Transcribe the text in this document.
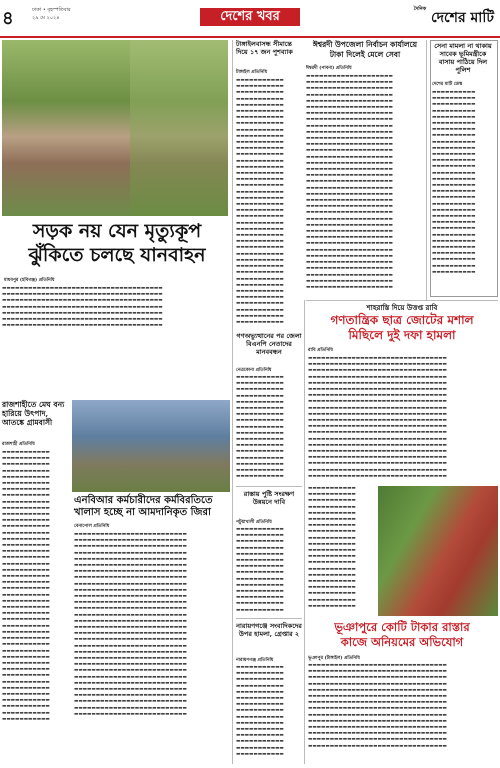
৪	ঢাকা • বৃহস্পতিবার
২৯ মে ২০২৪	দেশের খবর	$^{দৈনিক}$ দেশের মাটি
সড়ক নয় যেন মৃত্যুকূপ
ঝুঁকিতে চলছে যানবাহন
মাধবপুর (হবিগঞ্জ) প্রতিনিধি

▬▬▬▬▬▬▬▬▬▬▬▬▬▬▬▬▬▬▬▬▬▬▬▬▬▬▬▬▬▬▬▬▬▬▬▬▬ ▬▬▬▬▬▬▬▬▬▬▬▬▬▬▬▬▬▬▬▬▬▬▬▬▬▬▬▬▬▬▬▬▬▬▬▬▬ ▬▬▬▬▬▬▬▬▬▬▬▬▬▬▬▬▬▬▬▬▬▬▬▬▬▬▬▬▬▬▬▬▬▬▬▬▬ ▬▬▬▬▬▬▬▬▬▬▬▬▬▬▬▬▬▬▬▬▬▬▬▬▬▬▬▬▬▬▬▬▬▬▬▬▬ ▬▬▬▬▬▬▬▬▬▬▬▬▬▬▬▬▬▬▬▬▬▬▬▬▬▬▬▬▬▬▬▬▬▬▬▬▬ ▬▬▬▬▬▬▬▬▬▬▬▬▬▬▬▬▬▬▬▬▬▬▬▬▬▬▬▬▬▬▬▬▬▬▬▬▬ ▬▬▬▬▬▬▬▬▬▬▬▬▬▬▬▬▬▬▬▬▬▬▬▬▬▬▬▬▬▬▬▬▬▬▬▬▬

রাজশাহীতে মেঘ বন্য হারিয়ে উৎপাদ, আতঙ্কে গ্রামবাসী
রাজশাহী প্রতিনিধি

▬▬▬▬▬▬▬▬▬▬▬ ▬▬▬▬▬▬▬▬▬▬▬ ▬▬▬▬▬▬▬▬▬▬▬ ▬▬▬▬▬▬▬▬▬▬▬ ▬▬▬▬▬▬▬▬▬▬▬ ▬▬▬▬▬▬▬▬▬▬▬ ▬▬▬▬▬▬▬▬▬▬▬ ▬▬▬▬▬▬▬▬▬▬▬ ▬▬▬▬▬▬▬▬▬▬▬ ▬▬▬▬▬▬▬▬▬▬▬ ▬▬▬▬▬▬▬▬▬▬▬ ▬▬▬▬▬▬▬▬▬▬▬ ▬▬▬▬▬▬▬▬▬▬▬ ▬▬▬▬▬▬▬▬▬▬▬ ▬▬▬▬▬▬▬▬▬▬▬ ▬▬▬▬▬▬▬▬▬▬▬ ▬▬▬▬▬▬▬▬▬▬▬ ▬▬▬▬▬▬▬▬▬▬▬ ▬▬▬▬▬▬▬▬▬▬▬ ▬▬▬▬▬▬▬▬▬▬▬ ▬▬▬▬▬▬▬▬▬▬▬ ▬▬▬▬▬▬▬▬▬▬▬ ▬▬▬▬▬▬▬▬▬▬▬ ▬▬▬▬▬▬▬▬▬▬▬ ▬▬▬▬▬▬▬▬▬▬▬ ▬▬▬▬▬▬▬▬▬▬▬ ▬▬▬▬▬▬▬▬▬▬▬ ▬▬▬▬▬▬▬▬▬▬▬ ▬▬▬▬▬▬▬▬▬▬▬ ▬▬▬▬▬▬▬▬▬▬▬ ▬▬▬▬▬▬▬▬▬▬▬ ▬▬▬▬▬▬▬▬▬▬▬ ▬▬▬▬▬▬▬▬▬▬▬ ▬▬▬▬▬▬▬▬▬▬▬ ▬▬▬▬▬▬▬▬▬▬▬ ▬▬▬▬▬▬▬▬▬▬▬ ▬▬▬▬▬▬▬▬▬▬▬ ▬▬▬▬▬▬▬▬▬▬▬ ▬▬▬▬▬▬▬▬▬▬▬ ▬▬▬▬▬▬▬▬▬▬▬ ▬▬▬▬▬▬▬▬▬▬▬ ▬▬▬▬▬▬▬▬▬▬▬ ▬▬▬▬▬▬▬▬▬▬▬ ▬▬▬▬▬▬▬▬▬▬▬

এনবিআর কর্মচারীদের কর্মবিরতিতে খালাস হচ্ছে না আমদানিকৃত জিরা
বেনাপোল প্রতিনিধি

▬▬▬▬▬▬▬▬▬▬▬▬▬▬▬▬▬▬▬▬▬▬▬▬▬▬ ▬▬▬▬▬▬▬▬▬▬▬▬▬▬▬▬▬▬▬▬▬▬▬▬▬▬ ▬▬▬▬▬▬▬▬▬▬▬▬▬▬▬▬▬▬▬▬▬▬▬▬▬▬ ▬▬▬▬▬▬▬▬▬▬▬▬▬▬▬▬▬▬▬▬▬▬▬▬▬▬ ▬▬▬▬▬▬▬▬▬▬▬▬▬▬▬▬▬▬▬▬▬▬▬▬▬▬ ▬▬▬▬▬▬▬▬▬▬▬▬▬▬▬▬▬▬▬▬▬▬▬▬▬▬ ▬▬▬▬▬▬▬▬▬▬▬▬▬▬▬▬▬▬▬▬▬▬▬▬▬▬ ▬▬▬▬▬▬▬▬▬▬▬▬▬▬▬▬▬▬▬▬▬▬▬▬▬▬ ▬▬▬▬▬▬▬▬▬▬▬▬▬▬▬▬▬▬▬▬▬▬▬▬▬▬ ▬▬▬▬▬▬▬▬▬▬▬▬▬▬▬▬▬▬▬▬▬▬▬▬▬▬ ▬▬▬▬▬▬▬▬▬▬▬▬▬▬▬▬▬▬▬▬▬▬▬▬▬▬ ▬▬▬▬▬▬▬▬▬▬▬▬▬▬▬▬▬▬▬▬▬▬▬▬▬▬ ▬▬▬▬▬▬▬▬▬▬▬▬▬▬▬▬▬▬▬▬▬▬▬▬▬▬ ▬▬▬▬▬▬▬▬▬▬▬▬▬▬▬▬▬▬▬▬▬▬▬▬▬▬ ▬▬▬▬▬▬▬▬▬▬▬▬▬▬▬▬▬▬▬▬▬▬▬▬▬▬ ▬▬▬▬▬▬▬▬▬▬▬▬▬▬▬▬▬▬▬▬▬▬▬▬▬▬ ▬▬▬▬▬▬▬▬▬▬▬▬▬▬▬▬▬▬▬▬▬▬▬▬▬▬ ▬▬▬▬▬▬▬▬▬▬▬▬▬▬▬▬▬▬▬▬▬▬▬▬▬▬ ▬▬▬▬▬▬▬▬▬▬▬▬▬▬▬▬▬▬▬▬▬▬▬▬▬▬ ▬▬▬▬▬▬▬▬▬▬▬▬▬▬▬▬▬▬▬▬▬▬▬▬▬▬ ▬▬▬▬▬▬▬▬▬▬▬▬▬▬▬▬▬▬▬▬▬▬▬▬▬▬ ▬▬▬▬▬▬▬▬▬▬▬▬▬▬▬▬▬▬▬▬▬▬▬▬▬▬ ▬▬▬▬▬▬▬▬▬▬▬▬▬▬▬▬▬▬▬▬▬▬▬▬▬▬ ▬▬▬▬▬▬▬▬▬▬▬▬▬▬▬▬▬▬▬▬▬▬▬▬▬▬ ▬▬▬▬▬▬▬▬▬▬▬▬▬▬▬▬▬▬▬▬▬▬▬▬▬▬ ▬▬▬▬▬▬▬▬▬▬▬▬▬▬▬▬▬▬▬▬▬▬▬▬▬▬ ▬▬▬▬▬▬▬▬▬▬▬▬▬▬▬▬▬▬▬▬▬▬▬▬▬▬ ▬▬▬▬▬▬▬▬▬▬▬▬▬▬▬▬▬▬▬▬▬▬▬▬▬▬ ▬▬▬▬▬▬▬▬▬▬▬▬▬▬▬▬▬▬▬▬▬▬▬▬▬▬ ▬▬▬▬▬▬▬▬▬▬▬▬▬▬▬▬▬▬▬▬▬▬▬▬▬▬

টাঙ্গাইলবাসন্ধ সীমান্তে দিয়ে ১৭ জন পুশব্যাক
টাঙ্গাইল প্রতিনিধি

▬▬▬▬▬▬▬▬▬▬▬ ▬▬▬▬▬▬▬▬▬▬▬ ▬▬▬▬▬▬▬▬▬▬▬ ▬▬▬▬▬▬▬▬▬▬▬ ▬▬▬▬▬▬▬▬▬▬▬ ▬▬▬▬▬▬▬▬▬▬▬ ▬▬▬▬▬▬▬▬▬▬▬ ▬▬▬▬▬▬▬▬▬▬▬ ▬▬▬▬▬▬▬▬▬▬▬ ▬▬▬▬▬▬▬▬▬▬▬ ▬▬▬▬▬▬▬▬▬▬▬ ▬▬▬▬▬▬▬▬▬▬▬ ▬▬▬▬▬▬▬▬▬▬▬ ▬▬▬▬▬▬▬▬▬▬▬ ▬▬▬▬▬▬▬▬▬▬▬ ▬▬▬▬▬▬▬▬▬▬▬ ▬▬▬▬▬▬▬▬▬▬▬ ▬▬▬▬▬▬▬▬▬▬▬ ▬▬▬▬▬▬▬▬▬▬▬ ▬▬▬▬▬▬▬▬▬▬▬ ▬▬▬▬▬▬▬▬▬▬▬ ▬▬▬▬▬▬▬▬▬▬▬ ▬▬▬▬▬▬▬▬▬▬▬ ▬▬▬▬▬▬▬▬▬▬▬ ▬▬▬▬▬▬▬▬▬▬▬ ▬▬▬▬▬▬▬▬▬▬▬ ▬▬▬▬▬▬▬▬▬▬▬ ▬▬▬▬▬▬▬▬▬▬▬ ▬▬▬▬▬▬▬▬▬▬▬ ▬▬▬▬▬▬▬▬▬▬▬ ▬▬▬▬▬▬▬▬▬▬▬ ▬▬▬▬▬▬▬▬▬▬▬ ▬▬▬▬▬▬▬▬▬▬▬ ▬▬▬▬▬▬▬▬▬▬▬ ▬▬▬▬▬▬▬▬▬▬▬ ▬▬▬▬▬▬▬▬▬▬▬ ▬▬▬▬▬▬▬▬▬▬▬ ▬▬▬▬▬▬▬▬▬▬▬ ▬▬▬▬▬▬▬▬▬▬▬ ▬▬▬▬▬▬▬▬▬▬▬

ঈশ্বরদী উপজেলা নির্বাচন কার্যালয়ে টাকা দিলেই মেলে সেবা
ঈশ্বরদী (পাবনা) প্রতিনিধি

▬▬▬▬▬▬▬▬▬▬▬▬▬▬▬▬▬▬▬▬ ▬▬▬▬▬▬▬▬▬▬▬▬▬▬▬▬▬▬▬▬ ▬▬▬▬▬▬▬▬▬▬▬▬▬▬▬▬▬▬▬▬ ▬▬▬▬▬▬▬▬▬▬▬▬▬▬▬▬▬▬▬▬ ▬▬▬▬▬▬▬▬▬▬▬▬▬▬▬▬▬▬▬▬ ▬▬▬▬▬▬▬▬▬▬▬▬▬▬▬▬▬▬▬▬ ▬▬▬▬▬▬▬▬▬▬▬▬▬▬▬▬▬▬▬▬ ▬▬▬▬▬▬▬▬▬▬▬▬▬▬▬▬▬▬▬▬ ▬▬▬▬▬▬▬▬▬▬▬▬▬▬▬▬▬▬▬▬ ▬▬▬▬▬▬▬▬▬▬▬▬▬▬▬▬▬▬▬▬ ▬▬▬▬▬▬▬▬▬▬▬▬▬▬▬▬▬▬▬▬ ▬▬▬▬▬▬▬▬▬▬▬▬▬▬▬▬▬▬▬▬ ▬▬▬▬▬▬▬▬▬▬▬▬▬▬▬▬▬▬▬▬ ▬▬▬▬▬▬▬▬▬▬▬▬▬▬▬▬▬▬▬▬ ▬▬▬▬▬▬▬▬▬▬▬▬▬▬▬▬▬▬▬▬ ▬▬▬▬▬▬▬▬▬▬▬▬▬▬▬▬▬▬▬▬ ▬▬▬▬▬▬▬▬▬▬▬▬▬▬▬▬▬▬▬▬ ▬▬▬▬▬▬▬▬▬▬▬▬▬▬▬▬▬▬▬▬ ▬▬▬▬▬▬▬▬▬▬▬▬▬▬▬▬▬▬▬▬ ▬▬▬▬▬▬▬▬▬▬▬▬▬▬▬▬▬▬▬▬ ▬▬▬▬▬▬▬▬▬▬▬▬▬▬▬▬▬▬▬▬ ▬▬▬▬▬▬▬▬▬▬▬▬▬▬▬▬▬▬▬▬ ▬▬▬▬▬▬▬▬▬▬▬▬▬▬▬▬▬▬▬▬ ▬▬▬▬▬▬▬▬▬▬▬▬▬▬▬▬▬▬▬▬ ▬▬▬▬▬▬▬▬▬▬▬▬▬▬▬▬▬▬▬▬ ▬▬▬▬▬▬▬▬▬▬▬▬▬▬▬▬▬▬▬▬ ▬▬▬▬▬▬▬▬▬▬▬▬▬▬▬▬▬▬▬▬ ▬▬▬▬▬▬▬▬▬▬▬▬▬▬▬▬▬▬▬▬ ▬▬▬▬▬▬▬▬▬▬▬▬▬▬▬▬▬▬▬▬ ▬▬▬▬▬▬▬▬▬▬▬▬▬▬▬▬▬▬▬▬ ▬▬▬▬▬▬▬▬▬▬▬▬▬▬▬▬▬▬▬▬ ▬▬▬▬▬▬▬▬▬▬▬▬▬▬▬▬▬▬▬▬ ▬▬▬▬▬▬▬▬▬▬▬▬▬▬▬▬▬▬▬▬ ▬▬▬▬▬▬▬▬▬▬▬▬▬▬▬▬▬▬▬▬ ▬▬▬▬▬▬▬▬▬▬▬▬▬▬▬▬▬▬▬▬

সেনা মামলা না থাকায় সাবেক ভূমিমন্ত্রীকে বাসায় পাঠিয়ে দিল পুলিশ
দেশের মাটি ডেস্ক

▬▬▬▬▬▬▬▬▬▬ ▬▬▬▬▬▬▬▬▬▬ ▬▬▬▬▬▬▬▬▬▬ ▬▬▬▬▬▬▬▬▬▬ ▬▬▬▬▬▬▬▬▬▬ ▬▬▬▬▬▬▬▬▬▬ ▬▬▬▬▬▬▬▬▬▬ ▬▬▬▬▬▬▬▬▬▬ ▬▬▬▬▬▬▬▬▬▬ ▬▬▬▬▬▬▬▬▬▬ ▬▬▬▬▬▬▬▬▬▬ ▬▬▬▬▬▬▬▬▬▬ ▬▬▬▬▬▬▬▬▬▬ ▬▬▬▬▬▬▬▬▬▬ ▬▬▬▬▬▬▬▬▬▬ ▬▬▬▬▬▬▬▬▬▬ ▬▬▬▬▬▬▬▬▬▬ ▬▬▬▬▬▬▬▬▬▬ ▬▬▬▬▬▬▬▬▬▬ ▬▬▬▬▬▬▬▬▬▬ ▬▬▬▬▬▬▬▬▬▬ ▬▬▬▬▬▬▬▬▬▬ ▬▬▬▬▬▬▬▬▬▬ ▬▬▬▬▬▬▬▬▬▬ ▬▬▬▬▬▬▬▬▬▬ ▬▬▬▬▬▬▬▬▬▬ ▬▬▬▬▬▬▬▬▬▬ ▬▬▬▬▬▬▬▬▬▬ ▬▬▬▬▬▬▬▬▬▬ ▬▬▬▬▬▬▬▬▬▬

গণঅভ্যুত্থানের পর জেলা বিএনপি নেতাদের মানববন্ধন
নেত্রকোনা প্রতিনিধি

▬▬▬▬▬▬▬▬▬▬▬ ▬▬▬▬▬▬▬▬▬▬▬ ▬▬▬▬▬▬▬▬▬▬▬ ▬▬▬▬▬▬▬▬▬▬▬ ▬▬▬▬▬▬▬▬▬▬▬ ▬▬▬▬▬▬▬▬▬▬▬ ▬▬▬▬▬▬▬▬▬▬▬ ▬▬▬▬▬▬▬▬▬▬▬ ▬▬▬▬▬▬▬▬▬▬▬ ▬▬▬▬▬▬▬▬▬▬▬ ▬▬▬▬▬▬▬▬▬▬▬ ▬▬▬▬▬▬▬▬▬▬▬ ▬▬▬▬▬▬▬▬▬▬▬ ▬▬▬▬▬▬▬▬▬▬▬ ▬▬▬▬▬▬▬▬▬▬▬ ▬▬▬▬▬▬▬▬▬▬▬ ▬▬▬▬▬▬▬▬▬▬▬

রাস্তায় পুষ্টি সংরক্ষণ উন্নয়নে দাবি
পটুয়াখালী প্রতিনিধি

▬▬▬▬▬▬▬▬▬▬▬ ▬▬▬▬▬▬▬▬▬▬▬ ▬▬▬▬▬▬▬▬▬▬▬ ▬▬▬▬▬▬▬▬▬▬▬ ▬▬▬▬▬▬▬▬▬▬▬ ▬▬▬▬▬▬▬▬▬▬▬ ▬▬▬▬▬▬▬▬▬▬▬ ▬▬▬▬▬▬▬▬▬▬▬ ▬▬▬▬▬▬▬▬▬▬▬ ▬▬▬▬▬▬▬▬▬▬▬ ▬▬▬▬▬▬▬▬▬▬▬ ▬▬▬▬▬▬▬▬▬▬▬ ▬▬▬▬▬▬▬▬▬▬▬ ▬▬▬▬▬▬▬▬▬▬▬

নারায়ণগঞ্জে সংবাদিকদের উপর হামলা, গ্রেপ্তার ২
নারায়ণগঞ্জ প্রতিনিধি

▬▬▬▬▬▬▬▬▬▬▬ ▬▬▬▬▬▬▬▬▬▬▬ ▬▬▬▬▬▬▬▬▬▬▬ ▬▬▬▬▬▬▬▬▬▬▬ ▬▬▬▬▬▬▬▬▬▬▬ ▬▬▬▬▬▬▬▬▬▬▬ ▬▬▬▬▬▬▬▬▬▬▬ ▬▬▬▬▬▬▬▬▬▬▬ ▬▬▬▬▬▬▬▬▬▬▬ ▬▬▬▬▬▬▬▬▬▬▬ ▬▬▬▬▬▬▬▬▬▬▬ ▬▬▬▬▬▬▬▬▬▬▬ ▬▬▬▬▬▬▬▬▬▬▬ ▬▬▬▬▬▬▬▬▬▬▬ ▬▬▬▬▬▬▬▬▬▬▬

শাহরাস্তি দিয়ে উত্তপ্ত রাবি
গণতান্ত্রিক ছাত্র জোটের মশাল
মিছিলে দুই দফা হামলা
রাবি প্রতিনিধি

▬▬▬▬▬▬▬▬▬▬▬▬▬▬▬▬▬▬▬▬▬▬▬▬▬▬▬▬▬▬▬▬ ▬▬▬▬▬▬▬▬▬▬▬▬▬▬▬▬▬▬▬▬▬▬▬▬▬▬▬▬▬▬▬▬ ▬▬▬▬▬▬▬▬▬▬▬▬▬▬▬▬▬▬▬▬▬▬▬▬▬▬▬▬▬▬▬▬ ▬▬▬▬▬▬▬▬▬▬▬▬▬▬▬▬▬▬▬▬▬▬▬▬▬▬▬▬▬▬▬▬ ▬▬▬▬▬▬▬▬▬▬▬▬▬▬▬▬▬▬▬▬▬▬▬▬▬▬▬▬▬▬▬▬ ▬▬▬▬▬▬▬▬▬▬▬▬▬▬▬▬▬▬▬▬▬▬▬▬▬▬▬▬▬▬▬▬ ▬▬▬▬▬▬▬▬▬▬▬▬▬▬▬▬▬▬▬▬▬▬▬▬▬▬▬▬▬▬▬▬ ▬▬▬▬▬▬▬▬▬▬▬▬▬▬▬▬▬▬▬▬▬▬▬▬▬▬▬▬▬▬▬▬ ▬▬▬▬▬▬▬▬▬▬▬▬▬▬▬▬▬▬▬▬▬▬▬▬▬▬▬▬▬▬▬▬ ▬▬▬▬▬▬▬▬▬▬▬▬▬▬▬▬▬▬▬▬▬▬▬▬▬▬▬▬▬▬▬▬ ▬▬▬▬▬▬▬▬▬▬▬▬▬▬▬▬▬▬▬▬▬▬▬▬▬▬▬▬▬▬▬▬ ▬▬▬▬▬▬▬▬▬▬▬▬▬▬▬▬▬▬▬▬▬▬▬▬▬▬▬▬▬▬▬▬ ▬▬▬▬▬▬▬▬▬▬▬▬▬▬▬▬▬▬▬▬▬▬▬▬▬▬▬▬▬▬▬▬ ▬▬▬▬▬▬▬▬▬▬▬▬▬▬▬▬▬▬▬▬▬▬▬▬▬▬▬▬▬▬▬▬ ▬▬▬▬▬▬▬▬▬▬▬▬▬▬▬▬▬▬▬▬▬▬▬▬▬▬▬▬▬▬▬▬ ▬▬▬▬▬▬▬▬▬▬▬▬▬▬▬▬▬▬▬▬▬▬▬▬▬▬▬▬▬▬▬▬ ▬▬▬▬▬▬▬▬▬▬▬▬▬▬▬▬▬▬▬▬▬▬▬▬▬▬▬▬▬▬▬▬ ▬▬▬▬▬▬▬▬▬▬▬▬▬▬▬▬▬▬▬▬▬▬▬▬▬▬▬▬▬▬▬▬ ▬▬▬▬▬▬▬▬▬▬▬▬▬▬▬▬▬▬▬▬▬▬▬▬▬▬▬▬▬▬▬▬ ▬▬▬▬▬▬▬▬▬▬▬▬▬▬▬▬▬▬▬▬▬▬▬▬▬▬▬▬▬▬▬▬

▬▬▬▬▬▬▬▬▬▬▬ ▬▬▬▬▬▬▬▬▬▬▬ ▬▬▬▬▬▬▬▬▬▬▬ ▬▬▬▬▬▬▬▬▬▬▬ ▬▬▬▬▬▬▬▬▬▬▬ ▬▬▬▬▬▬▬▬▬▬▬ ▬▬▬▬▬▬▬▬▬▬▬ ▬▬▬▬▬▬▬▬▬▬▬ ▬▬▬▬▬▬▬▬▬▬▬ ▬▬▬▬▬▬▬▬▬▬▬ ▬▬▬▬▬▬▬▬▬▬▬ ▬▬▬▬▬▬▬▬▬▬▬ ▬▬▬▬▬▬▬▬▬▬▬ ▬▬▬▬▬▬▬▬▬▬▬ ▬▬▬▬▬▬▬▬▬▬▬ ▬▬▬▬▬▬▬▬▬▬▬ ▬▬▬▬▬▬▬▬▬▬▬ ▬▬▬▬▬▬▬▬▬▬▬ ▬▬▬▬▬▬▬▬▬▬▬ ▬▬▬▬▬▬▬▬▬▬▬

ভূঞাপুরে কোটি টাকার রাস্তার
কাজে অনিয়মের অভিযোগ
ভূঞাপুর (টাঙ্গাইল) প্রতিনিধি

▬▬▬▬▬▬▬▬▬▬▬▬▬▬▬▬▬▬▬▬▬▬▬▬▬▬▬▬▬▬▬▬ ▬▬▬▬▬▬▬▬▬▬▬▬▬▬▬▬▬▬▬▬▬▬▬▬▬▬▬▬▬▬▬▬ ▬▬▬▬▬▬▬▬▬▬▬▬▬▬▬▬▬▬▬▬▬▬▬▬▬▬▬▬▬▬▬▬ ▬▬▬▬▬▬▬▬▬▬▬▬▬▬▬▬▬▬▬▬▬▬▬▬▬▬▬▬▬▬▬▬ ▬▬▬▬▬▬▬▬▬▬▬▬▬▬▬▬▬▬▬▬▬▬▬▬▬▬▬▬▬▬▬▬ ▬▬▬▬▬▬▬▬▬▬▬▬▬▬▬▬▬▬▬▬▬▬▬▬▬▬▬▬▬▬▬▬ ▬▬▬▬▬▬▬▬▬▬▬▬▬▬▬▬▬▬▬▬▬▬▬▬▬▬▬▬▬▬▬▬ ▬▬▬▬▬▬▬▬▬▬▬▬▬▬▬▬▬▬▬▬▬▬▬▬▬▬▬▬▬▬▬▬ ▬▬▬▬▬▬▬▬▬▬▬▬▬▬▬▬▬▬▬▬▬▬▬▬▬▬▬▬▬▬▬▬ ▬▬▬▬▬▬▬▬▬▬▬▬▬▬▬▬▬▬▬▬▬▬▬▬▬▬▬▬▬▬▬▬ ▬▬▬▬▬▬▬▬▬▬▬▬▬▬▬▬▬▬▬▬▬▬▬▬▬▬▬▬▬▬▬▬ ▬▬▬▬▬▬▬▬▬▬▬▬▬▬▬▬▬▬▬▬▬▬▬▬▬▬▬▬▬▬▬▬ ▬▬▬▬▬▬▬▬▬▬▬▬▬▬▬▬▬▬▬▬▬▬▬▬▬▬▬▬▬▬▬▬ ▬▬▬▬▬▬▬▬▬▬▬▬▬▬▬▬▬▬▬▬▬▬▬▬▬▬▬▬▬▬▬▬
